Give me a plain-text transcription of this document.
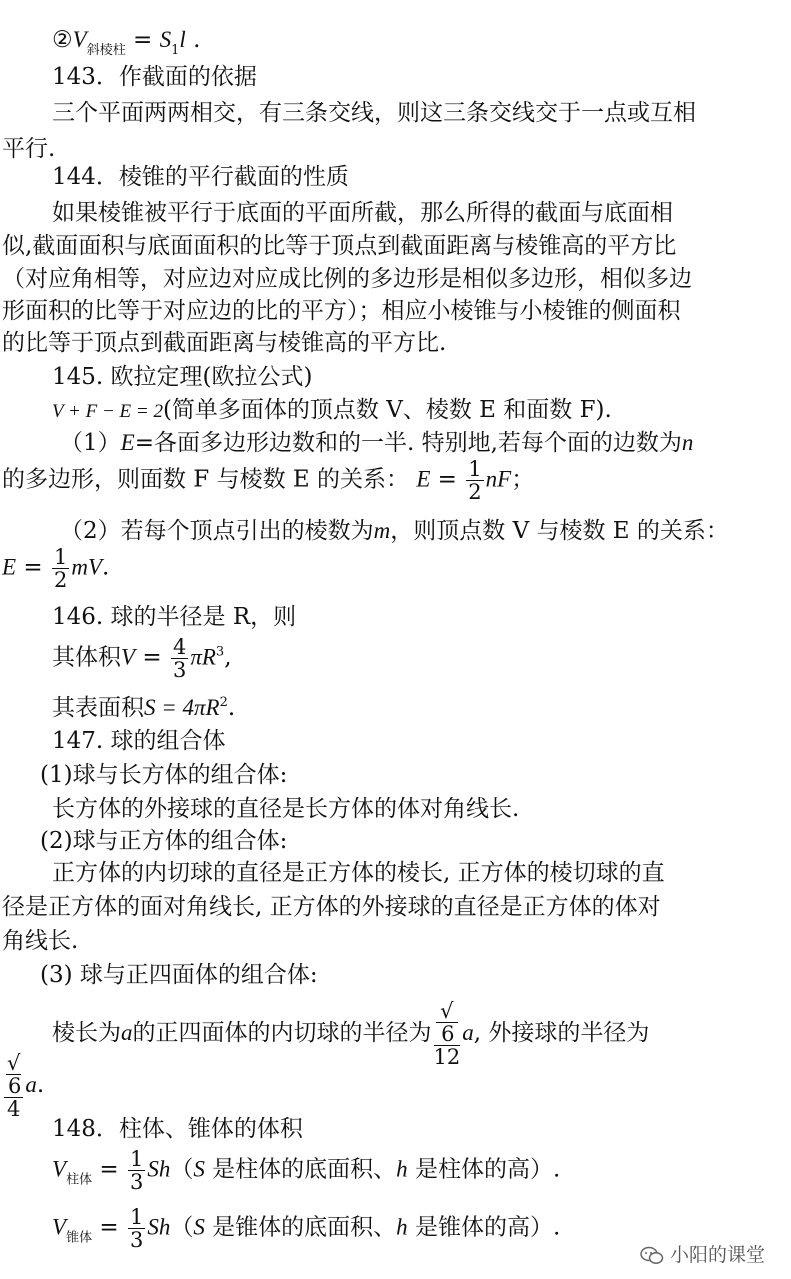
$②V_{斜棱柱} = S_1l$ .
143．作截面的依据
三个平面两两相交，有三条交线，则这三条交线交于一点或互相
平行.
144．棱锥的平行截面的性质
如果棱锥被平行于底面的平面所截，那么所得的截面与底面相
似,截面面积与底面面积的比等于顶点到截面距离与棱锥高的平方比
（对应角相等，对应边对应成比例的多边形是相似多边形，相似多边
形面积的比等于对应边的比的平方）；相应小棱锥与小棱锥的侧面积
的比等于顶点到截面距离与棱锥高的平方比.
145. 欧拉定理(欧拉公式)
V + F − E = 2(简单多面体的顶点数 V、棱数 E 和面数 F).
（1）E=各面多边形边数和的一半. 特别地,若每个面的边数为n
的多边形，则面数 F 与棱数 E 的关系： $E = \frac{1}{2}$ nF；
（2）若每个顶点引出的棱数为m，则顶点数 V 与棱数 E 的关系：
$E = \frac{1}{2}$ mV.
146. 球的半径是 R，则
其体积$V = \frac{4}{3} \pi R^3$,
其表面积$S = 4\pi R^2$.
147. 球的组合体
(1)球与长方体的组合体:
长方体的外接球的直径是长方体的体对角线长.
(2)球与正方体的组合体:
正方体的内切球的直径是正方体的棱长, 正方体的棱切球的直
径是正方体的面对角线长, 正方体的外接球的直径是正方体的体对
角线长.
(3) 球与正四面体的组合体:
棱长为a的正四面体的内切球的半径为 √
6
12 a, 外接球的半径为
√
6
4 a.
148．柱体、锥体的体积
$V_{柱体} = \frac{1}{3} Sh(S$ 是柱体的底面积、h 是柱体的高）.
$V_{锥体} = \frac{1}{3} Sh(S$ 是锥体的底面积、h 是锥体的高）.
小阳的课堂
